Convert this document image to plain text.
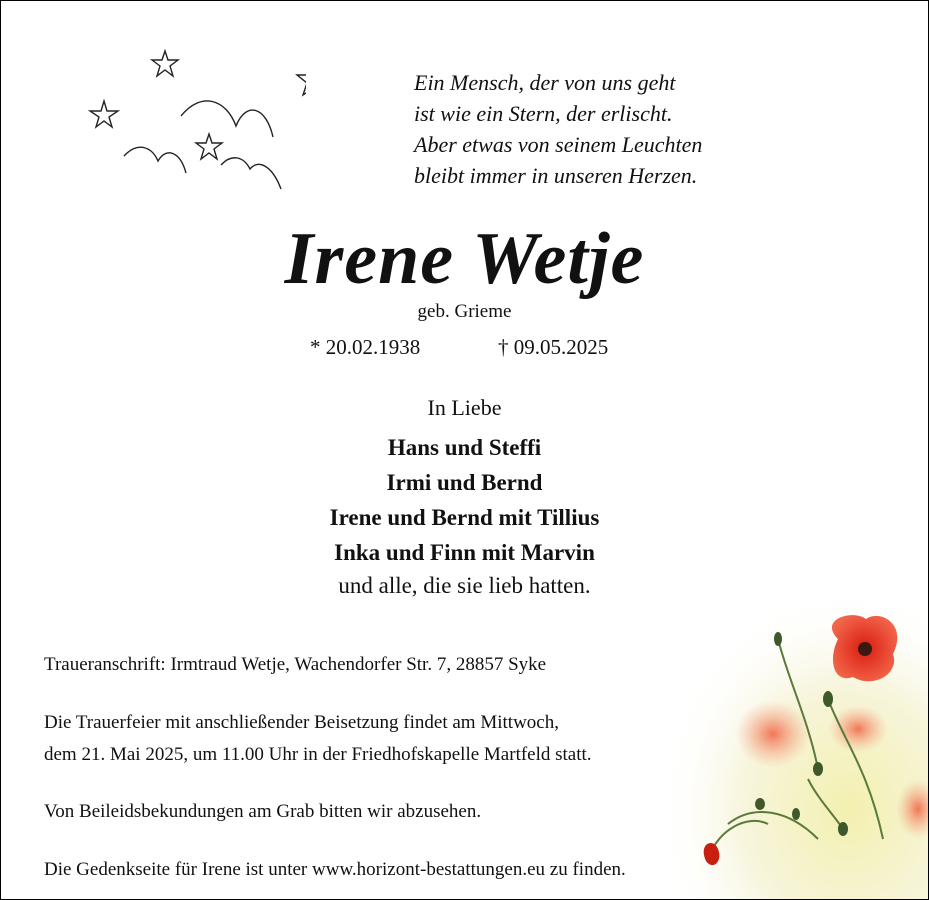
Ein Mensch, der von uns geht
ist wie ein Stern, der erlischt.
Aber etwas von seinem Leuchten
bleibt immer in unseren Herzen.
Irene Wetje
geb. Grieme
* 20.02.1938	† 09.05.2025
In Liebe
Hans und Steffi
Irmi und Bernd
Irene und Bernd mit Tillius
Inka und Finn mit Marvin
und alle, die sie lieb hatten.
Traueranschrift: Irmtraud Wetje, Wachendorfer Str. 7, 28857 Syke
Die Trauerfeier mit anschließender Beisetzung findet am Mittwoch,
dem 21. Mai 2025, um 11.00 Uhr in der Friedhofskapelle Martfeld statt.
Von Beileidsbekundungen am Grab bitten wir abzusehen.
Die Gedenkseite für Irene ist unter www.horizont-bestattungen.eu zu finden.
